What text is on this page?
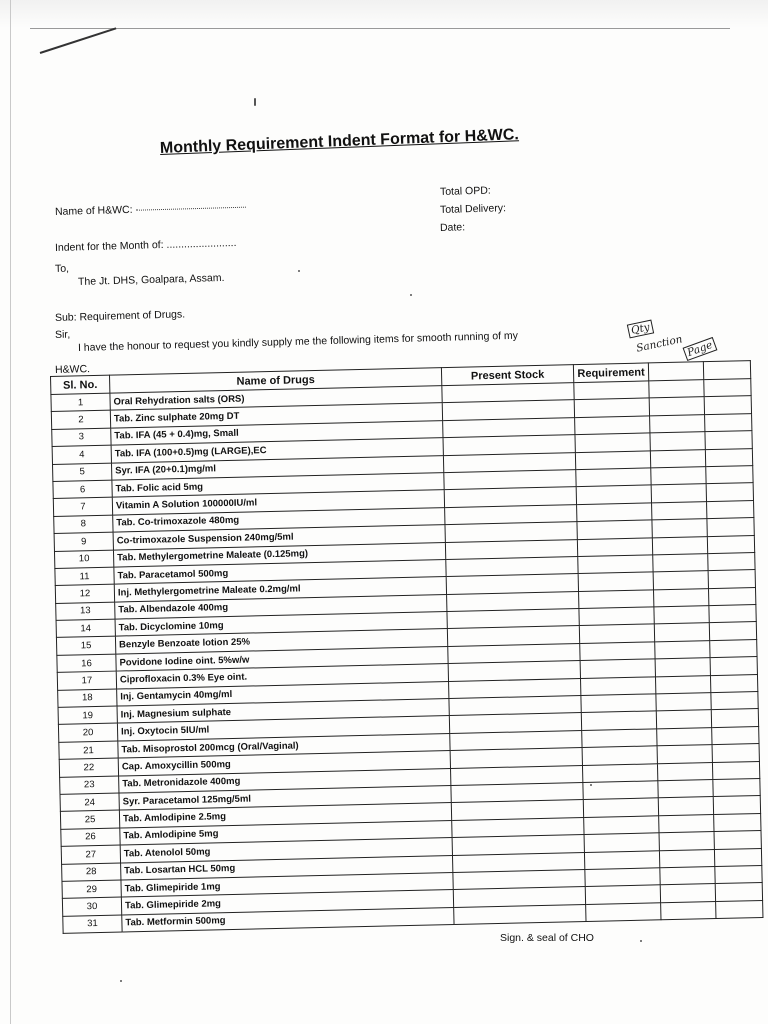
Monthly Requirement Indent Format for H&WC.
Name of H&WC:
Total OPD:
Total Delivery:
Date:
Indent for the Month of: ........................
To,
The Jt. DHS, Goalpara, Assam.
Sub: Requirement of Drugs.
Sir, I have the honour to request you kindly supply me the following items for smooth running of my
H&WC.
Qty
Sanction Page
Sl. No.	Name of Drugs	Present Stock	Requirement		
1	Oral Rehydration salts (ORS)				
2	Tab. Zinc sulphate 20mg DT				
3	Tab. IFA (45 + 0.4)mg, Small				
4	Tab. IFA (100+0.5)mg (LARGE),EC				
5	Syr. IFA (20+0.1)mg/ml				
6	Tab. Folic acid 5mg				
7	Vitamin A Solution 100000IU/ml				
8	Tab. Co-trimoxazole 480mg				
9	Co-trimoxazole Suspension 240mg/5ml				
10	Tab. Methylergometrine Maleate (0.125mg)				
11	Tab. Paracetamol 500mg				
12	Inj. Methylergometrine Maleate 0.2mg/ml				
13	Tab. Albendazole 400mg				
14	Tab. Dicyclomine 10mg				
15	Benzyle Benzoate lotion 25%				
16	Povidone Iodine oint. 5%w/w				
17	Ciprofloxacin 0.3% Eye oint.				
18	Inj. Gentamycin 40mg/ml				
19	Inj. Magnesium sulphate				
20	Inj. Oxytocin 5IU/ml				
21	Tab. Misoprostol 200mcg (Oral/Vaginal)				
22	Cap. Amoxycillin 500mg				
23	Tab. Metronidazole 400mg				
24	Syr. Paracetamol 125mg/5ml				
25	Tab. Amlodipine 2.5mg				
26	Tab. Amlodipine 5mg				
27	Tab. Atenolol 50mg				
28	Tab. Losartan HCL 50mg				
29	Tab. Glimepiride 1mg				
30	Tab. Glimepiride 2mg				
31	Tab. Metformin 500mg				
Sign. & seal of CHO
